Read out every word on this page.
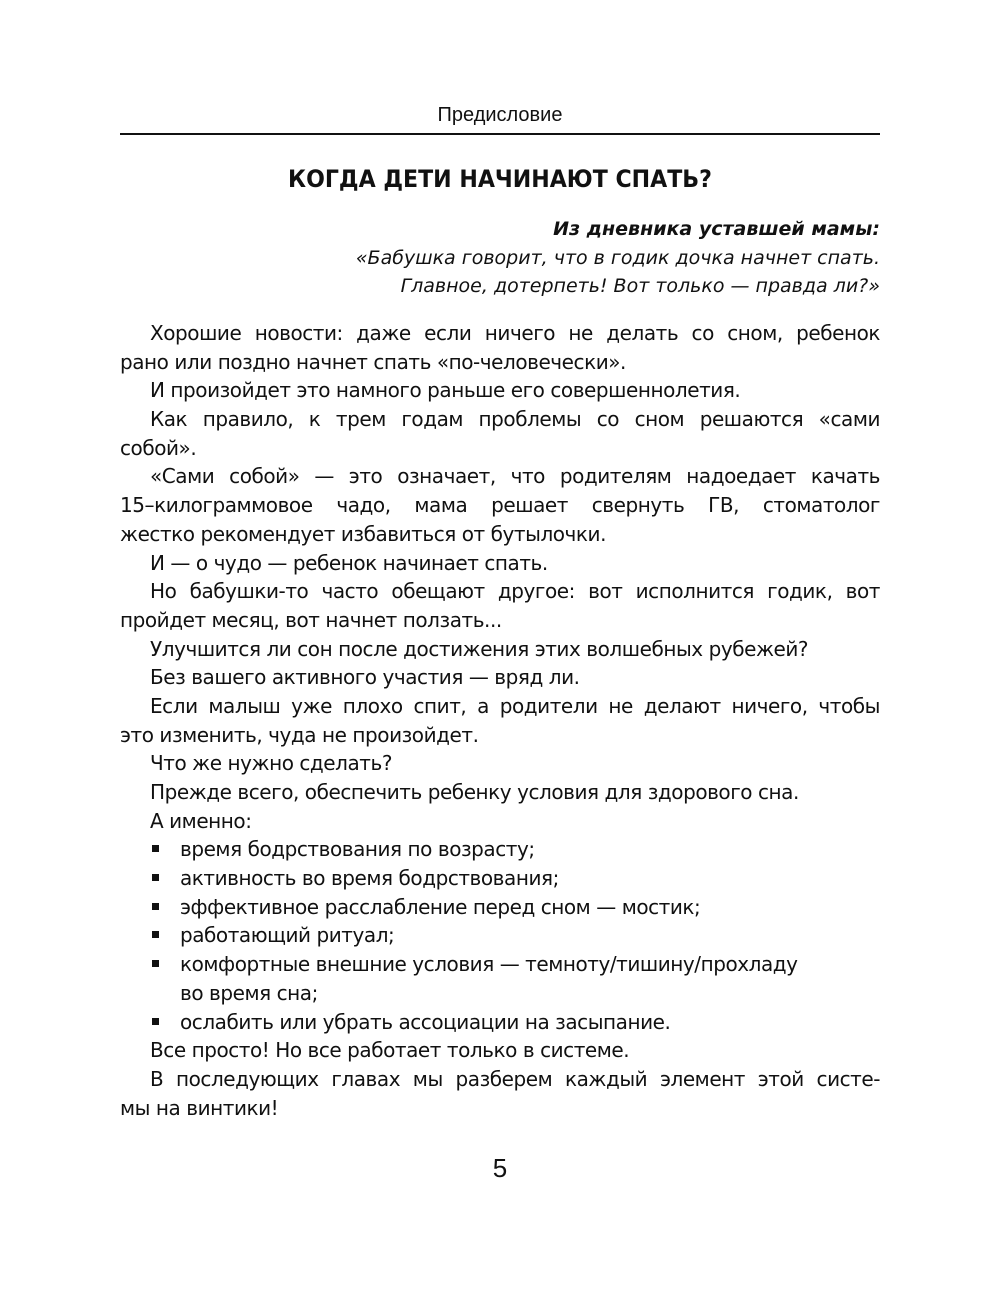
Предисловие
КОГДА ДЕТИ НАЧИНАЮТ СПАТЬ?
Из дневника уставшей мамы:
«Бабушка говорит, что в годик дочка начнет спать.
Главное, дотерпеть! Вот только — правда ли?»
Хорошие новости: даже если ничего не делать со сном, ребенок
рано или поздно начнет спать «по-человечески».
И произойдет это намного раньше его совершеннолетия.
Как правило, к трем годам проблемы со сном решаются «сами
собой».
«Сами собой» — это означает, что родителям надоедает качать
15–килограммовое чадо, мама решает свернуть ГВ, стоматолог
жестко рекомендует избавиться от бутылочки.
И — о чудо — ребенок начинает спать.
Но бабушки-то часто обещают другое: вот исполнится годик, вот
пройдет месяц, вот начнет ползать...
Улучшится ли сон после достижения этих волшебных рубежей?
Без вашего активного участия — вряд ли.
Если малыш уже плохо спит, а родители не делают ничего, чтобы
это изменить, чуда не произойдет.
Что же нужно сделать?
Прежде всего, обеспечить ребенку условия для здорового сна.
А именно:
время бодрствования по возрасту;
активность во время бодрствования;
эффективное расслабление перед сном — мостик;
работающий ритуал;
комфортные внешние условия — темноту/тишину/прохладу
во время сна;
ослабить или убрать ассоциации на засыпание.
Все просто! Но все работает только в системе.
В последующих главах мы разберем каждый элемент этой систе-
мы на винтики!
5
